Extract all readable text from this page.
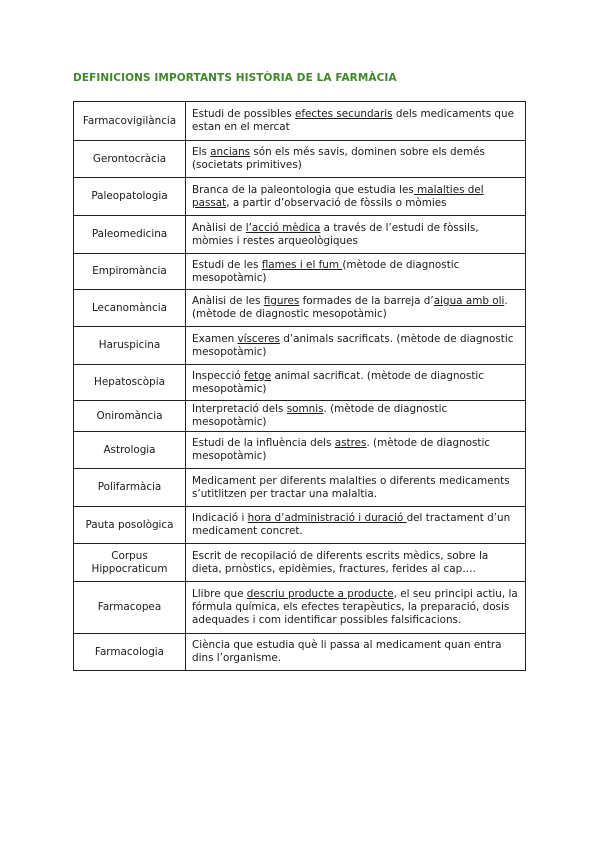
DEFINICIONS IMPORTANTS HISTÒRIA DE LA FARMÀCIA
Farmacovigilància	Estudi de possibles efectes secundaris dels medicaments que estan en el mercat
Gerontocràcia	Els ancians són els més savis, dominen sobre els demés (societats primitives)
Paleopatologia	Branca de la paleontologia que estudia les malalties del passat, a partir d’observació de fòssils o mòmies
Paleomedicina	Anàlisi de l’acció mèdica a través de l’estudi de fòssils, mòmies i restes arqueològiques
Empiromància	Estudi de les flames i el fum (mètode de diagnostic mesopotàmic)
Lecanomància	Anàlisi de les figures formades de la barreja d’aigua amb oli. (mètode de diagnostic mesopotàmic)
Haruspicina	Examen vísceres d’animals sacrificats. (mètode de diagnostic mesopotàmic)
Hepatoscòpia	Inspecció fetge animal sacrificat. (mètode de diagnostic mesopotàmic)
Oniromància	Interpretació dels somnis. (mètode de diagnostic mesopotàmic)
Astrologia	Estudi de la influència dels astres. (mètode de diagnostic mesopotàmic)
Polifarmàcia	Medicament per diferents malalties o diferents medicaments s’utitlitzen per tractar una malaltia.
Pauta posològica	Indicació i hora d’administració i duració del tractament d’un medicament concret.
Corpus Hippocraticum	Escrit de recopilació de diferents escrits mèdics, sobre la dieta, prnòstics, epidèmies, fractures, ferides al cap….
Farmacopea	Llibre que descriu producte a producte, el seu principi actiu, la fórmula química, els efectes terapèutics, la preparació, dosis adequades i com identificar possibles falsificacions.
Farmacologia	Ciència que estudia què li passa al medicament quan entra dins l’organisme.
